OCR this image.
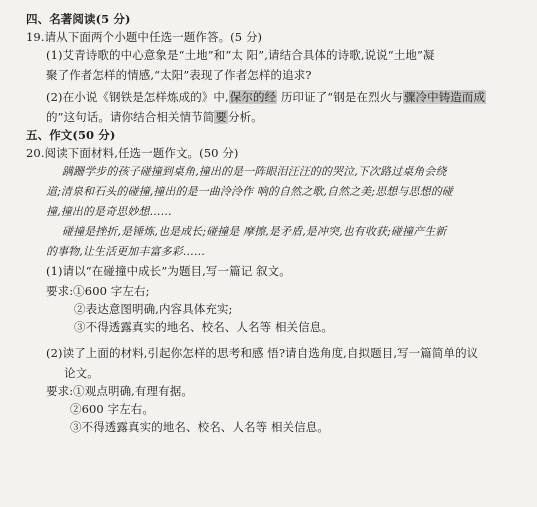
四、名著阅读(5 分)
19.请从下面两个小题中任选一题作答。(5 分)
(1)艾青诗歌的中心意象是“土地”和“太 阳”,请结合具体的诗歌,说说“土地”凝
聚了作者怎样的情感,“太阳”表现了作者怎样的追求?
(2)在小说《钢铁是怎样炼成的》中,保尔的经 历印证了“钢是在烈火与骤冷中铸造而成
的”这句话。请你结合相关情节简要分析。
五、作文(50 分)
20.阅读下面材料,任选一题作文。(50 分)
蹒跚学步的孩子碰撞到桌角,撞出的是一阵眼泪汪汪的的哭泣,下次路过桌角会绕
道;清泉和石头的碰撞,撞出的是一曲泠泠作 响的自然之歌,自然之美;思想与思想的碰
撞,撞出的是奇思妙想……
碰撞是挫折,是锤炼,也是成长;碰撞是 摩擦,是矛盾,是冲突,也有收获;碰撞产生新
的事物,让生活更加丰富多彩……
(1)请以“在碰撞中成长”为题目,写一篇记 叙文。
要求:①600 字左右;
②表达意图明确,内容具体充实;
③不得透露真实的地名、校名、人名等 相关信息。
(2)读了上面的材料,引起你怎样的思考和感 悟?请自选角度,自拟题目,写一篇简单的议
论文。
要求:①观点明确,有理有据。
②600 字左右。
③不得透露真实的地名、校名、人名等 相关信息。
